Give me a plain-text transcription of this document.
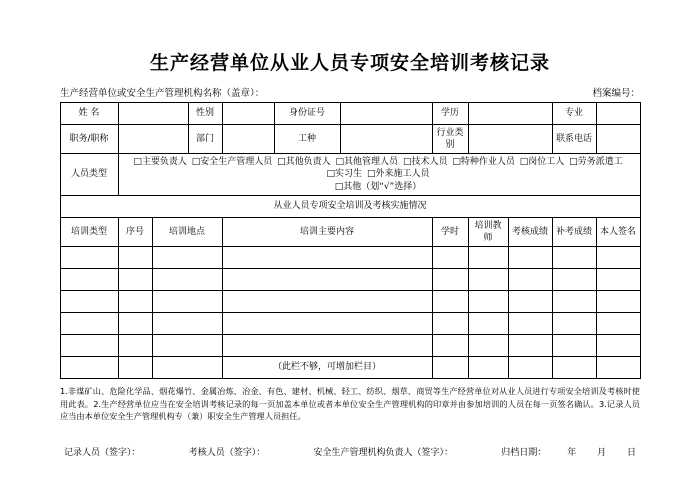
生产经营单位从业人员专项安全培训考核记录
生产经营单位或安全生产管理机构名称（盖章）：	档案编号：
姓 名			性别		身份证号		学历			专业	
职务/职称			部门		工种		行业类别			联系电话	
人员类型	□主要负责人 □安全生产管理人员 □其他负责人 □其他管理人员 □技术人员 □特种作业人员 □岗位工人 □劳务派遣工 □实习生 □外来施工人员
□其他（划“√”选择）										
从业人员专项安全培训及考核实施情况											
培训类型	序号	培训地点		培训主要内容			学时	培训教师	考核成绩	补考成绩	本人签名

				（此栏不够，可增加栏目）							
1.非煤矿山、危险化学品、烟花爆竹、金属冶炼、冶金、有色、建材、机械、轻工、纺织、烟草、商贸等生产经营单位对从业人员进行专项安全培训及考核时使用此表。2.生产经营单位应当在安全培训考核记录的每一页加盖本单位或者本单位安全生产管理机构的印章并由参加培训的人员在每一页签名确认。3.记录人员应当由本单位安全生产管理机构专（兼）职安全生产管理人员担任。
记录人员（签字）：	考核人员（签字）：	安全生产管理机构负责人（签字）：	归档日期： 年 月 日
